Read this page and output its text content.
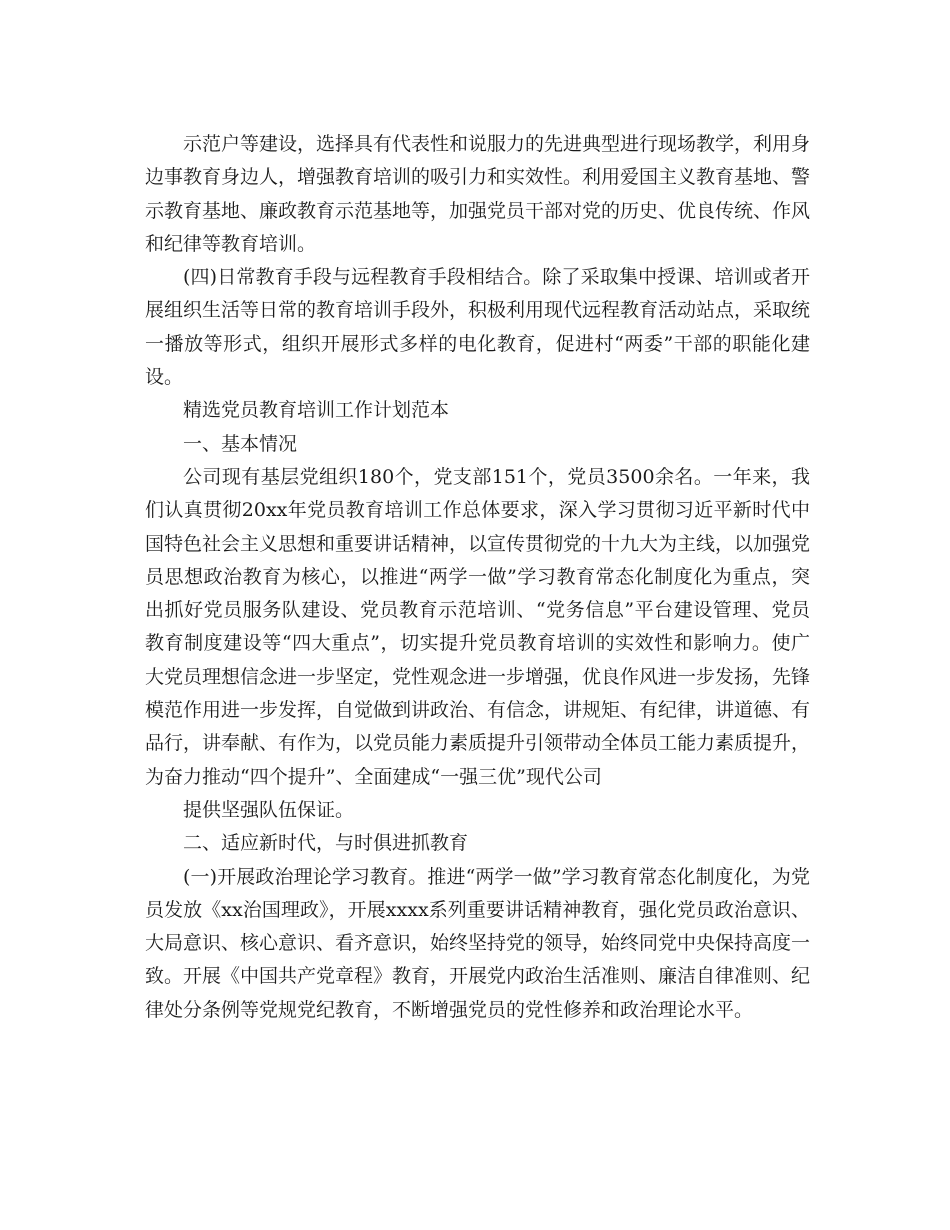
示范户等建设，选择具有代表性和说服力的先进典型进行现场教学，利用身边事教育身边人，增强教育培训的吸引力和实效性。利用爱国主义教育基地、警示教育基地、廉政教育示范基地等，加强党员干部对党的历史、优良传统、作风和纪律等教育培训。

(四)日常教育手段与远程教育手段相结合。除了采取集中授课、培训或者开展组织生活等日常的教育培训手段外，积极利用现代远程教育活动站点，采取统一播放等形式，组织开展形式多样的电化教育，促进村“两委”干部的职能化建设。

精选党员教育培训工作计划范本

一、基本情况

公司现有基层党组织180个，党支部151个，党员3500余名。一年来，我们认真贯彻20xx年党员教育培训工作总体要求，深入学习贯彻习近平新时代中国特色社会主义思想和重要讲话精神，以宣传贯彻党的十九大为主线，以加强党员思想政治教育为核心，以推进“两学一做”学习教育常态化制度化为重点，突出抓好党员服务队建设、党员教育示范培训、“党务信息”平台建设管理、党员教育制度建设等“四大重点”，切实提升党员教育培训的实效性和影响力。使广大党员理想信念进一步坚定，党性观念进一步增强，优良作风进一步发扬，先锋模范作用进一步发挥，自觉做到讲政治、有信念，讲规矩、有纪律，讲道德、有品行，讲奉献、有作为，以党员能力素质提升引领带动全体员工能力素质提升，为奋力推动“四个提升”、全面建成“一强三优”现代公司

提供坚强队伍保证。

二、适应新时代，与时俱进抓教育

(一)开展政治理论学习教育。推进“两学一做”学习教育常态化制度化，为党员发放《xx治国理政》，开展xxxx系列重要讲话精神教育，强化党员政治意识、大局意识、核心意识、看齐意识，始终坚持党的领导，始终同党中央保持高度一致。开展《中国共产党章程》教育，开展党内政治生活准则、廉洁自律准则、纪律处分条例等党规党纪教育，不断增强党员的党性修养和政治理论水平。
